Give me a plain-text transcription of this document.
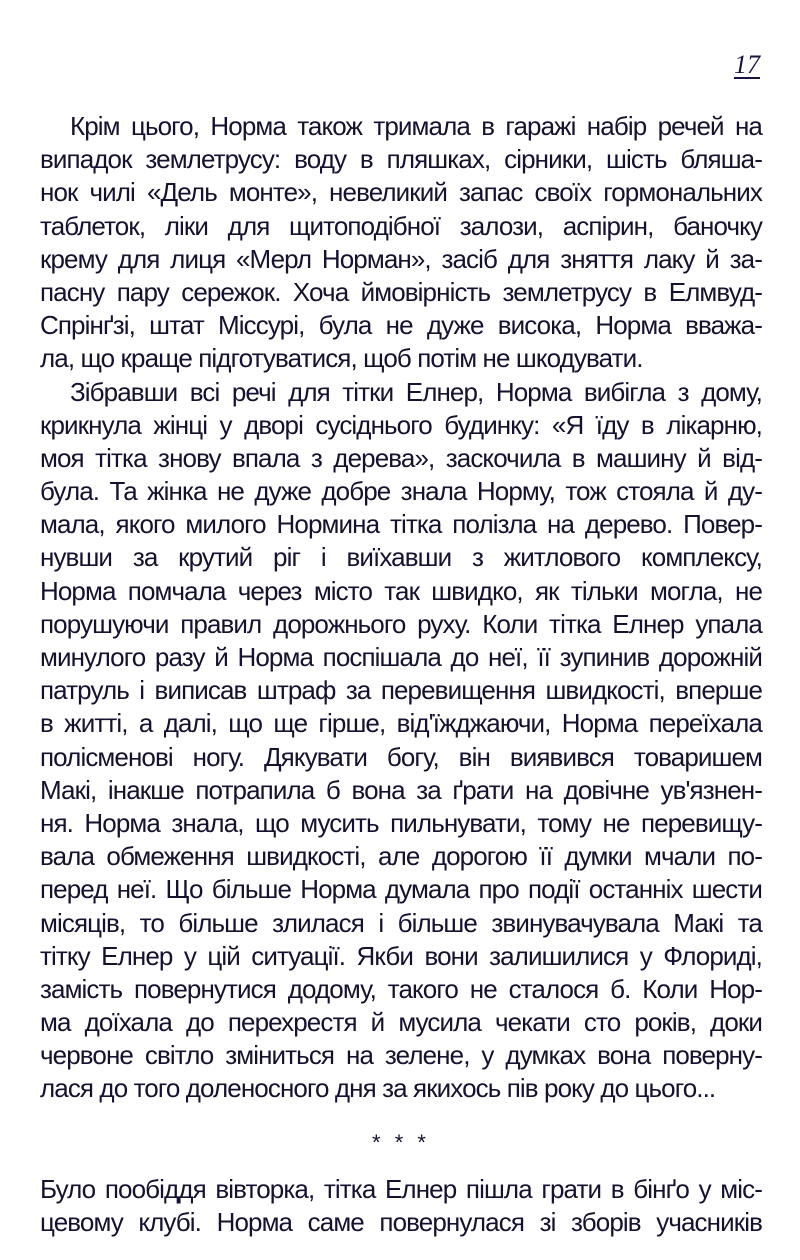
17
Крім цього, Норма також тримала в гаражі набір речей на
випадок землетрусу: воду в пляшках, сірники, шість бляша-
нок чилі «Дель монте», невеликий запас своїх гормональних
таблеток, ліки для щитоподібної залози, аспірин, баночку
крему для лиця «Мерл Норман», засіб для зняття лаку й за-
пасну пару сережок. Хоча ймовірність землетрусу в Елмвуд-
Спрінґзі, штат Міссурі, була не дуже висока, Норма вважа-
ла, що краще підготуватися, щоб потім не шкодувати.
Зібравши всі речі для тітки Елнер, Норма вибігла з дому,
крикнула жінці у дворі сусіднього будинку: «Я їду в лікарню,
моя тітка знову впала з дерева», заскочила в машину й від-
була. Та жінка не дуже добре знала Норму, тож стояла й ду-
мала, якого милого Нормина тітка полізла на дерево. Повер-
нувши за крутий ріг і виїхавши з житлового комплексу,
Норма помчала через місто так швидко, як тільки могла, не
порушуючи правил дорожнього руху. Коли тітка Елнер упала
минулого разу й Норма поспішала до неї, її зупинив дорожній
патруль і виписав штраф за перевищення швидкості, вперше
в житті, а далі, що ще гірше, від'їжджаючи, Норма переїхала
полісменові ногу. Дякувати богу, він виявився товаришем
Макі, інакше потрапила б вона за ґрати на довічне ув'язнен-
ня. Норма знала, що мусить пильнувати, тому не перевищу-
вала обмеження швидкості, але дорогою її думки мчали по-
перед неї. Що більше Норма думала про події останніх шести
місяців, то більше злилася і більше звинувачувала Макі та
тітку Елнер у цій ситуації. Якби вони залишилися у Флориді,
замість повернутися додому, такого не сталося б. Коли Нор-
ма доїхала до перехрестя й мусила чекати сто років, доки
червоне світло зміниться на зелене, у думках вона поверну-
лася до того доленосного дня за якихось пів року до цього...
* * *
Було пообіддя вівторка, тітка Елнер пішла грати в бінґо у міс-
цевому клубі. Норма саме повернулася зі зборів учасників
